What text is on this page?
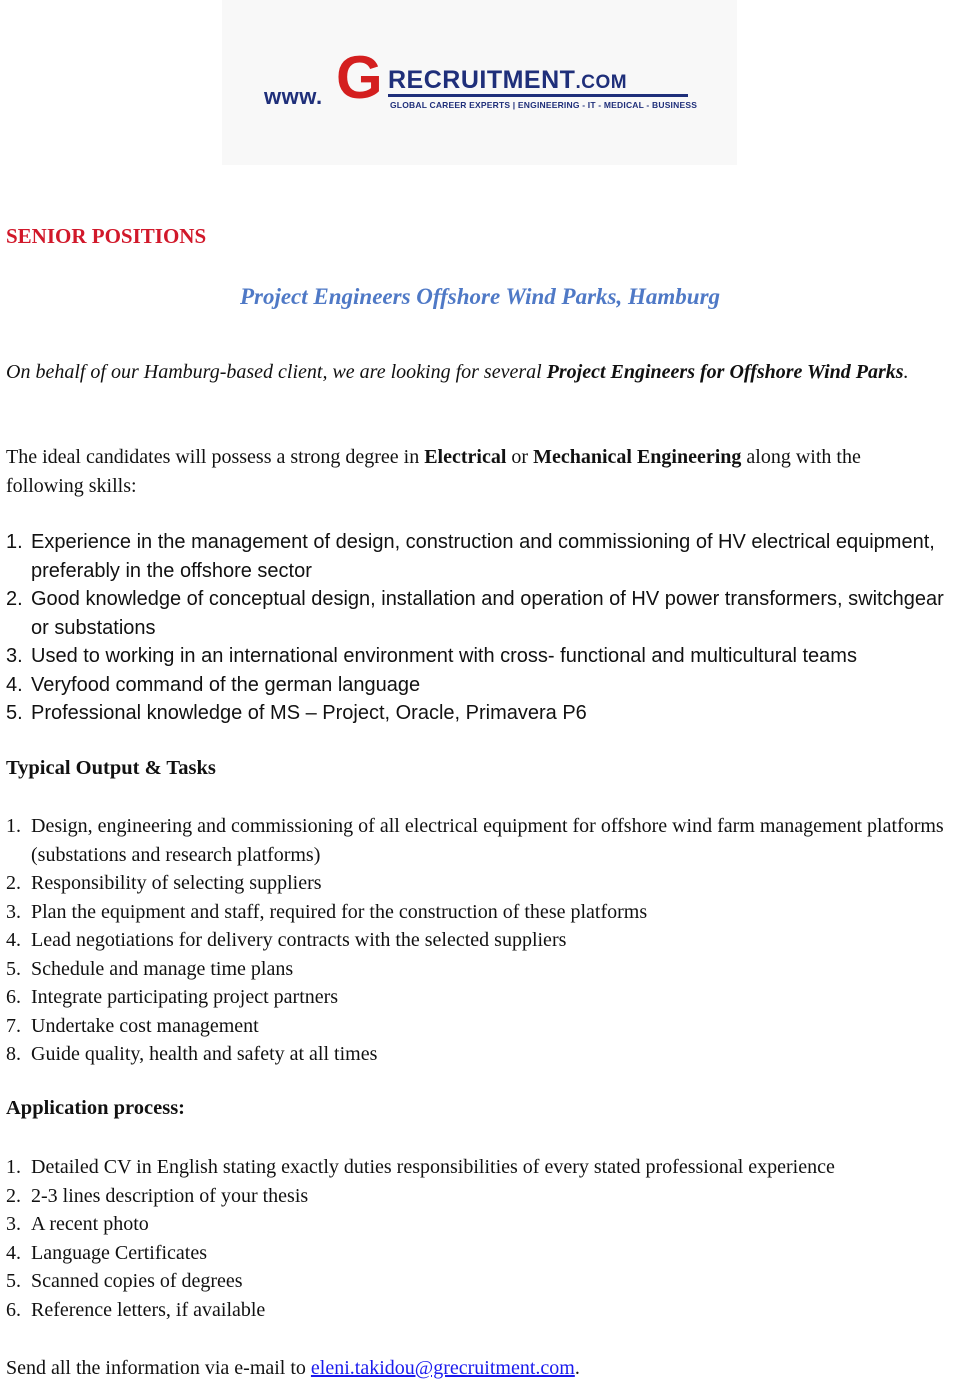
www. G RECRUITMENT.COM
GLOBAL CAREER EXPERTS | ENGINEERING - IT - MEDICAL - BUSINESS
SENIOR POSITIONS
Project Engineers Offshore Wind Parks, Hamburg

On behalf of our Hamburg-based client, we are looking for several Project Engineers for Offshore Wind Parks.

The ideal candidates will possess a strong degree in Electrical or Mechanical Engineering along with the following skills:

1. Experience in the management of design, construction and commissioning of HV electrical equipment, preferably in the offshore sector
2. Good knowledge of conceptual design, installation and operation of HV power transformers, switchgear or substations
3. Used to working in an international environment with cross- functional and multicultural teams
4. Veryfood command of the german language
5. Professional knowledge of MS – Project, Oracle, Primavera P6
Typical Output & Tasks
1. Design, engineering and commissioning of all electrical equipment for offshore wind farm management platforms (substations and research platforms)
2. Responsibility of selecting suppliers
3. Plan the equipment and staff, required for the construction of these platforms
4. Lead negotiations for delivery contracts with the selected suppliers
5. Schedule and manage time plans
6. Integrate participating project partners
7. Undertake cost management
8. Guide quality, health and safety at all times
Application process:
1. Detailed CV in English stating exactly duties responsibilities of every stated professional experience
2. 2-3 lines description of your thesis
3. A recent photo
4. Language Certificates
5. Scanned copies of degrees
6. Reference letters, if available

Send all the information via e-mail to eleni.takidou@grecruitment.com.
